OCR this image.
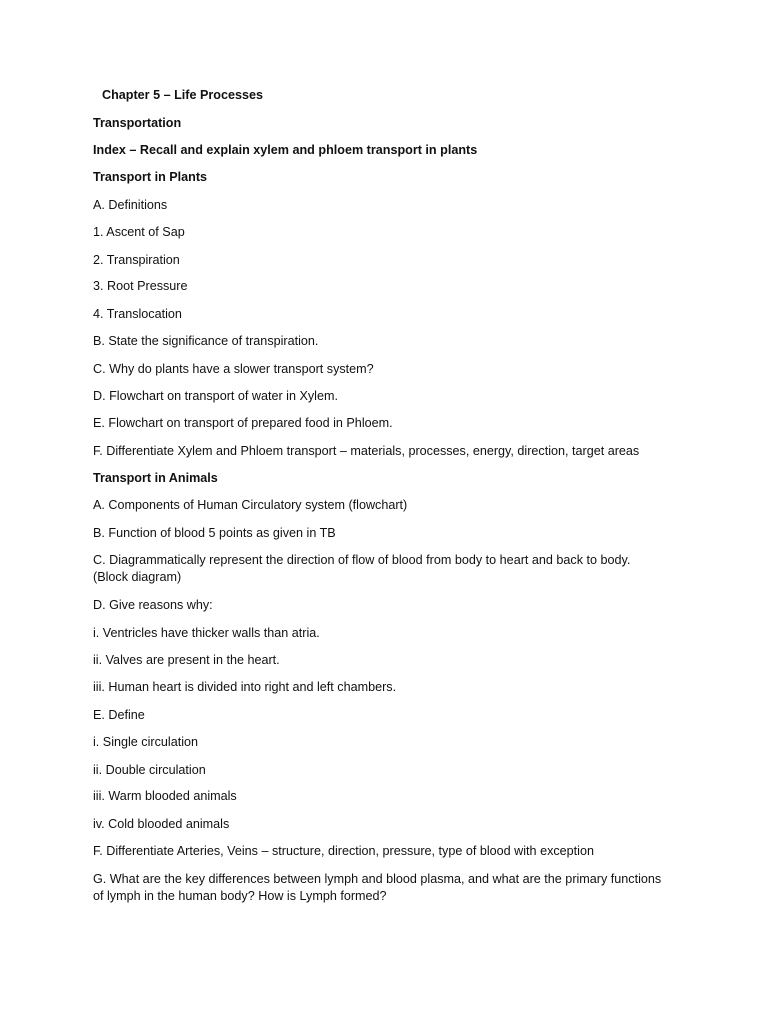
Chapter 5 – Life Processes
Transportation
Index – Recall and explain xylem and phloem transport in plants
Transport in Plants
A. Definitions
1. Ascent of Sap
2. Transpiration
3. Root Pressure
4. Translocation
B. State the significance of transpiration.
C. Why do plants have a slower transport system?
D. Flowchart on transport of water in Xylem.
E. Flowchart on transport of prepared food in Phloem.
F. Differentiate Xylem and Phloem transport – materials, processes, energy, direction, target areas
Transport in Animals
A. Components of Human Circulatory system (flowchart)
B. Function of blood 5 points as given in TB
C. Diagrammatically represent the direction of flow of blood from body to heart and back to body. (Block diagram)
D. Give reasons why:
i. Ventricles have thicker walls than atria.
ii. Valves are present in the heart.
iii. Human heart is divided into right and left chambers.
E. Define
i. Single circulation
ii. Double circulation
iii. Warm blooded animals
iv. Cold blooded animals
F. Differentiate Arteries, Veins – structure, direction, pressure, type of blood with exception
G. What are the key differences between lymph and blood plasma, and what are the primary functions of lymph in the human body? How is Lymph formed?
